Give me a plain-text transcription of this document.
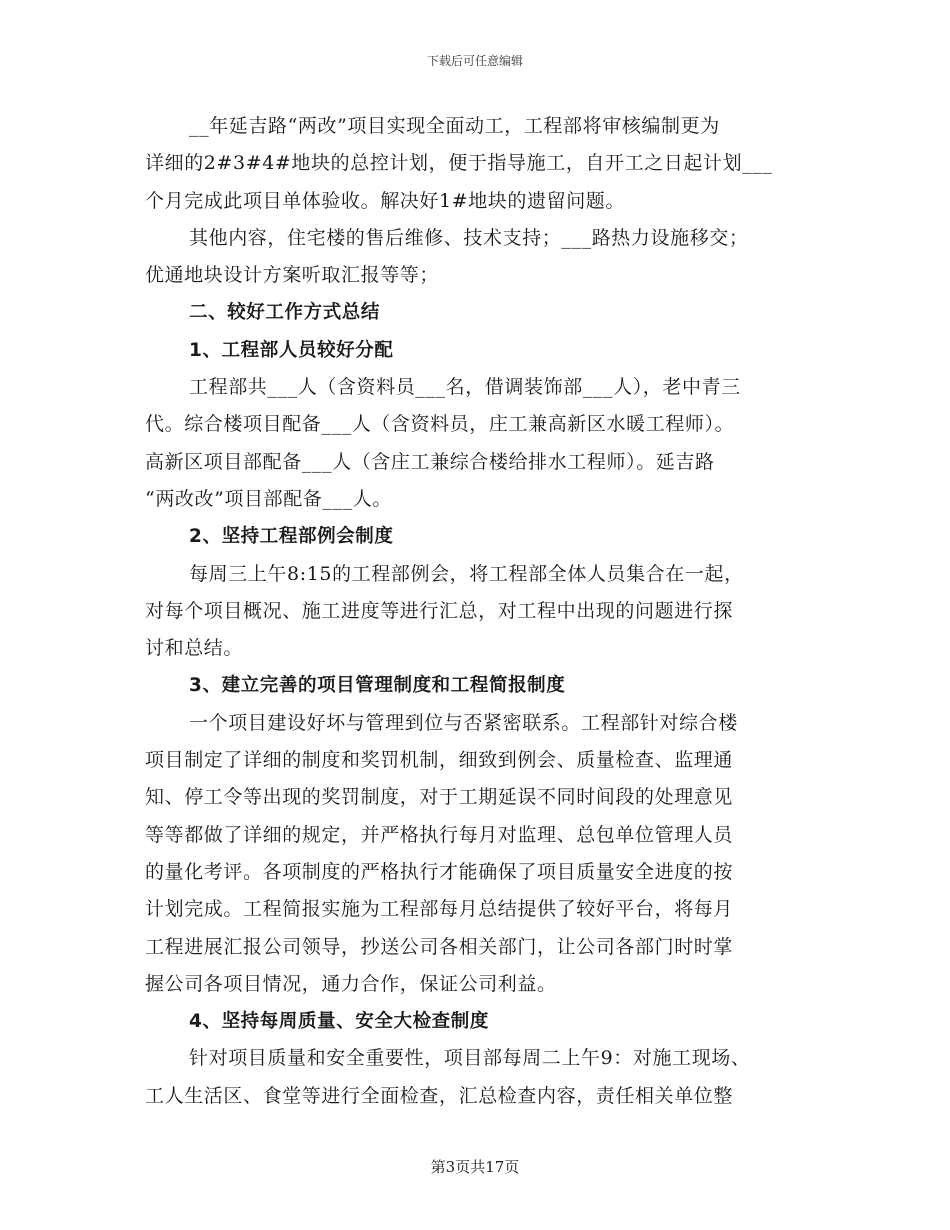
下载后可任意编辑
__年延吉路“两改”项目实现全面动工，工程部将审核编制更为
详细的2#3#4#地块的总控计划，便于指导施工，自开工之日起计划___
个月完成此项目单体验收。解决好1#地块的遗留问题。
其他内容，住宅楼的售后维修、技术支持；___路热力设施移交；
优通地块设计方案听取汇报等等；
二、较好工作方式总结
1、工程部人员较好分配
工程部共___人（含资料员___名，借调装饰部___人），老中青三
代。综合楼项目配备___人（含资料员，庄工兼高新区水暖工程师）。
高新区项目部配备___人（含庄工兼综合楼给排水工程师）。延吉路
“两改改”项目部配备___人。
2、坚持工程部例会制度
每周三上午8:15的工程部例会，将工程部全体人员集合在一起，
对每个项目概况、施工进度等进行汇总，对工程中出现的问题进行探
讨和总结。
3、建立完善的项目管理制度和工程简报制度
一个项目建设好坏与管理到位与否紧密联系。工程部针对综合楼
项目制定了详细的制度和奖罚机制，细致到例会、质量检查、监理通
知、停工令等出现的奖罚制度，对于工期延误不同时间段的处理意见
等等都做了详细的规定，并严格执行每月对监理、总包单位管理人员
的量化考评。各项制度的严格执行才能确保了项目质量安全进度的按
计划完成。工程简报实施为工程部每月总结提供了较好平台，将每月
工程进展汇报公司领导，抄送公司各相关部门，让公司各部门时时掌
握公司各项目情况，通力合作，保证公司利益。
4、坚持每周质量、安全大检查制度
针对项目质量和安全重要性，项目部每周二上午9：对施工现场、
工人生活区、食堂等进行全面检查，汇总检查内容，责任相关单位整
第3页共17页
